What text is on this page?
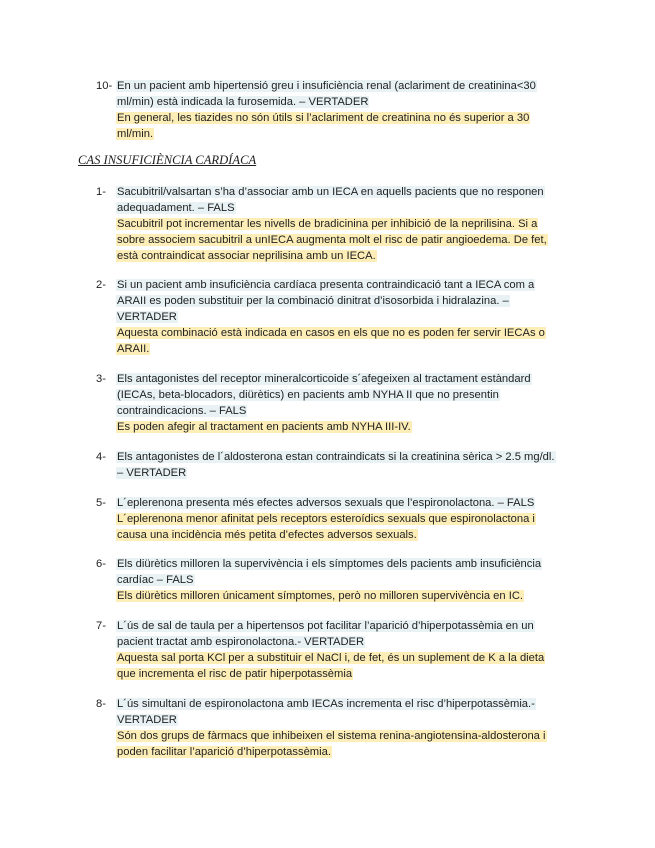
10- En un pacient amb hipertensió greu i insuficiència renal (aclariment de creatinina<30
ml/min) està indicada la furosemida. – VERTADER
En general, les tiazides no són útils si l’aclariment de creatinina no és superior a 30
ml/min.
CAS INSUFICIÈNCIA CARDÍACA
1- Sacubitril/valsartan s’ha d’associar amb un IECA en aquells pacients que no responen
adequadament. – FALS
Sacubitril pot incrementar les nivells de bradicinina per inhibició de la neprilisina. Si a
sobre associem sacubitril a unIECA augmenta molt el risc de patir angioedema. De fet,
està contraindicat associar neprilisina amb un IECA.
2- Si un pacient amb insuficiència cardíaca presenta contraindicació tant a IECA com a
ARAII es poden substituir per la combinació dinitrat d’isosorbida i hidralazina. –
VERTADER
Aquesta combinació està indicada en casos en els que no es poden fer servir IECAs o
ARAII.
3- Els antagonistes del receptor mineralcorticoide s´afegeixen al tractament estàndard
(IECAs, beta-blocadors, diürètics) en pacients amb NYHA II que no presentin
contraindicacions. – FALS
Es poden afegir al tractament en pacients amb NYHA III-IV.
4- Els antagonistes de l´aldosterona estan contraindicats si la creatinina sèrica > 2.5 mg/dl.
– VERTADER
5- L´eplerenona presenta més efectes adversos sexuals que l’espironolactona. – FALS
L´eplerenona menor afinitat pels receptors esteroídics sexuals que espironolactona i
causa una incidència més petita d’efectes adversos sexuals.
6- Els diürètics milloren la supervivència i els símptomes dels pacients amb insuficiència
cardíac – FALS
Els diürètics milloren únicament símptomes, però no milloren supervivència en IC.
7- L´ús de sal de taula per a hipertensos pot facilitar l’aparició d’hiperpotassèmia en un
pacient tractat amb espironolactona.- VERTADER
Aquesta sal porta KCl per a substituir el NaCl i, de fet, és un suplement de K a la dieta
que incrementa el risc de patir hiperpotassèmia
8- L´ús simultani de espironolactona amb IECAs incrementa el risc d’hiperpotassèmia.-
VERTADER
Són dos grups de fàrmacs que inhibeixen el sistema renina-angiotensina-aldosterona i
poden facilitar l’aparició d’hiperpotassèmia.
